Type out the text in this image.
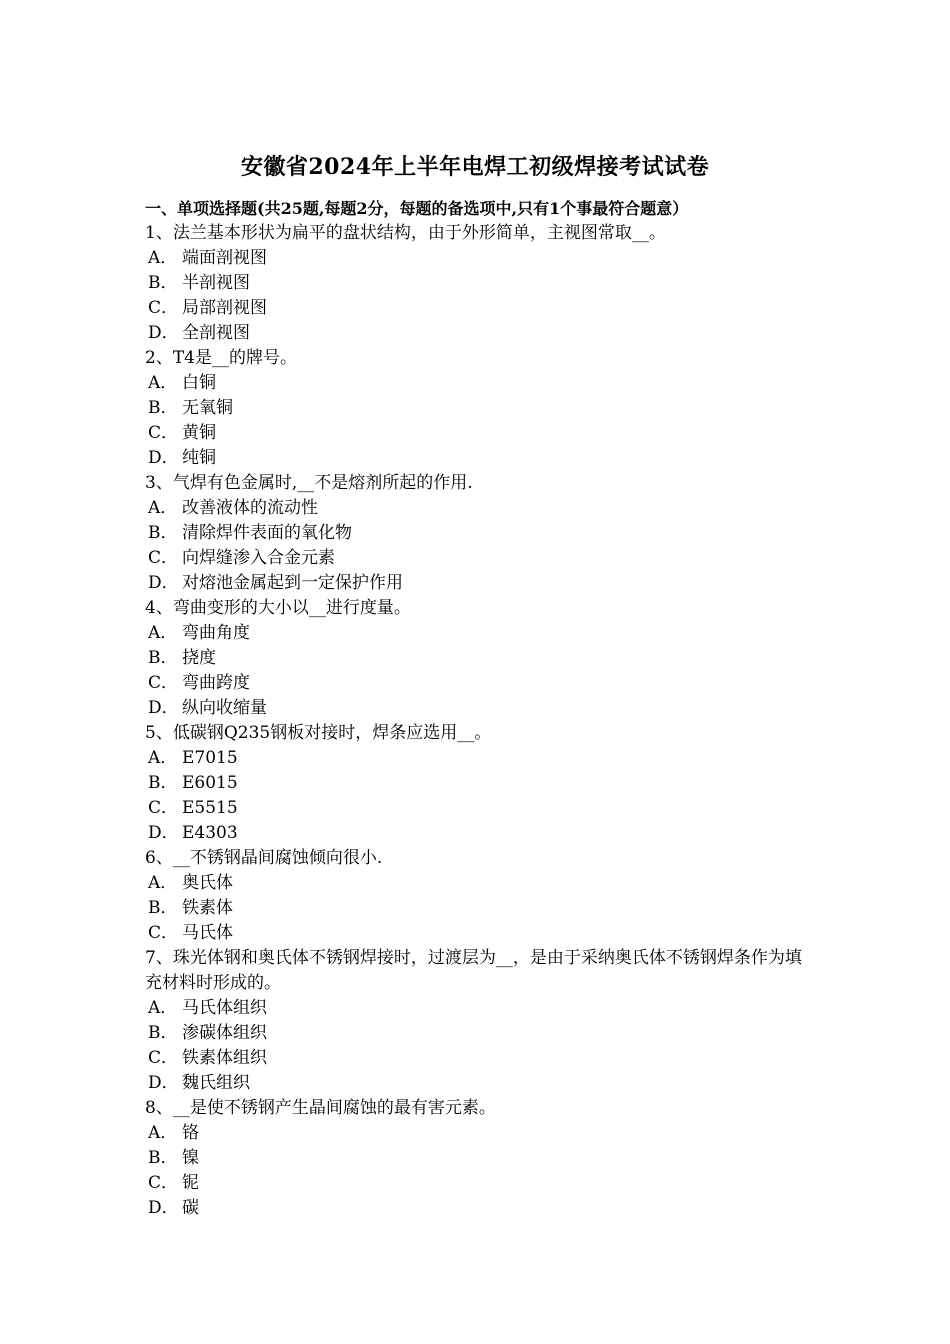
安徽省2024年上半年电焊工初级焊接考试试卷
一、单项选择题(共25题,每题2分，每题的备选项中,只有1个事最符合题意）
1、法兰基本形状为扁平的盘状结构，由于外形简单，主视图常取__。
A． 端面剖视图
B． 半剖视图
C． 局部剖视图
D． 全剖视图
2、T4是__的牌号。
A． 白铜
B． 无氧铜
C． 黄铜
D． 纯铜
3、气焊有色金属时,__不是熔剂所起的作用.
A． 改善液体的流动性
B． 清除焊件表面的氧化物
C． 向焊缝渗入合金元素
D． 对熔池金属起到一定保护作用
4、弯曲变形的大小以__进行度量。
A． 弯曲角度
B． 挠度
C． 弯曲跨度
D． 纵向收缩量
5、低碳钢Q235钢板对接时，焊条应选用__。
A． E7015
B． E6015
C． E5515
D． E4303
6、__不锈钢晶间腐蚀倾向很小.
A． 奥氏体
B． 铁素体
C． 马氏体
7、珠光体钢和奥氏体不锈钢焊接时，过渡层为__，是由于采纳奥氏体不锈钢焊条作为填充材料时形成的。
A． 马氏体组织
B． 渗碳体组织
C． 铁素体组织
D． 魏氏组织
8、__是使不锈钢产生晶间腐蚀的最有害元素。
A． 铬
B． 镍
C． 铌
D． 碳
